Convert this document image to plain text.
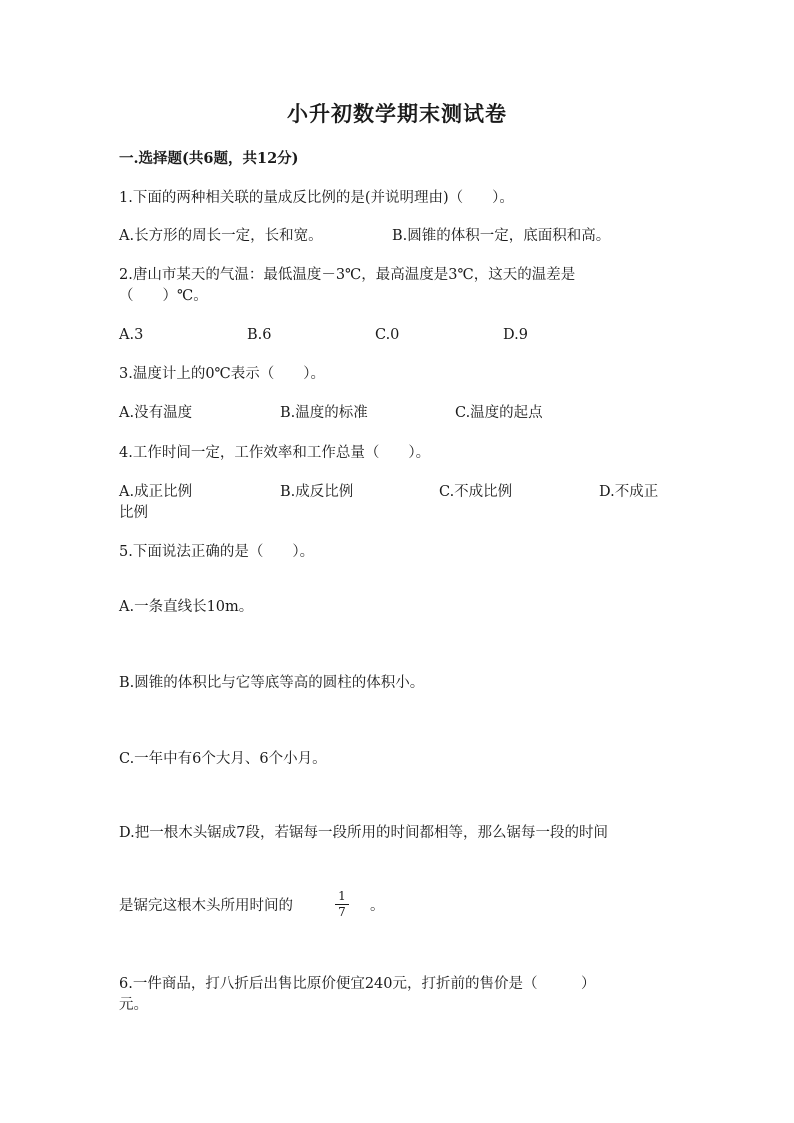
小升初数学期末测试卷
一.选择题(共6题，共12分)
1.下面的两种相关联的量成反比例的是(并说明理由)（　　）。
A.长方形的周长一定，长和宽。	B.圆锥的体积一定，底面积和高。
2.唐山市某天的气温：最低温度－3℃，最高温度是3℃，这天的温差是
（　　）℃。
A.3	B.6	C.0	D.9
3.温度计上的0℃表示（　　）。
A.没有温度	B.温度的标准	C.温度的起点
4.工作时间一定，工作效率和工作总量（　　）。
A.成正比例	B.成反比例	C.不成比例	D.不成正
比例
5.下面说法正确的是（　　）。
A.一条直线长10m。
B.圆锥的体积比与它等底等高的圆柱的体积小。
C.一年中有6个大月、6个小月。
D.把一根木头锯成7段，若锯每一段所用的时间都相等，那么锯每一段的时间
是锯完这根木头所用时间的
1
7	。
6.一件商品，打八折后出售比原价便宜240元，打折前的售价是（　　　）
元。
